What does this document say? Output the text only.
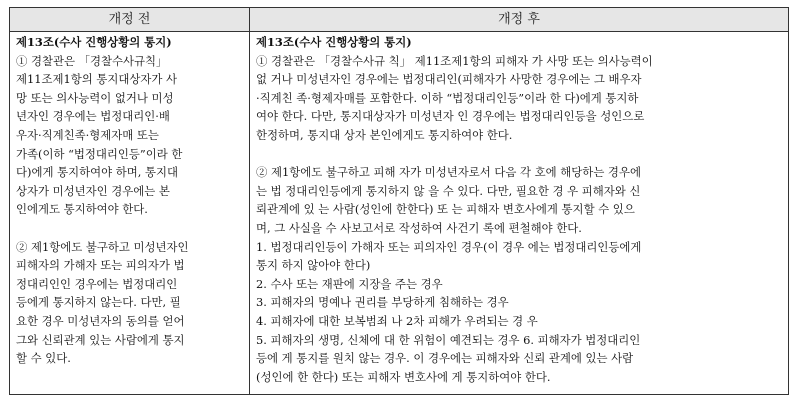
개정 전	개정 후
제13조(수사 진행상황의 통지)
① 경찰관은 「경찰수사규칙」
제11조제1항의 통지대상자가 사
망 또는 의사능력이 없거나 미성
년자인 경우에는 법정대리인·배
우자·직계친족·형제자매 또는
가족(이하 “법정대리인등”이라 한
다)에게 통지하여야 하며, 통지대
상자가 미성년자인 경우에는 본
인에게도 통지하여야 한다.
② 제1항에도 불구하고 미성년자인
피해자의 가해자 또는 피의자가 법
정대리인인 경우에는 법정대리인
등에게 통지하지 않는다. 다만, 필
요한 경우 미성년자의 동의를 얻어
그와 신뢰관계 있는 사람에게 통지
할 수 있다.
제13조(수사 진행상황의 통지)
① 경찰관은 「경찰수사규 칙」 제11조제1항의 피해자 가 사망 또는 의사능력이
없 거나 미성년자인 경우에는 법정대리인(피해자가 사망한 경우에는 그 배우자
·직계친 족·형제자매를 포함한다. 이하 “법정대리인등”이라 한 다)에게 통지하
여야 한다. 다만, 통지대상자가 미성년자 인 경우에는 법정대리인등을 성인으로
한정하며, 통지대 상자 본인에게도 통지하여야 한다.
② 제1항에도 불구하고 피해 자가 미성년자로서 다음 각 호에 해당하는 경우에
는 법 정대리인등에게 통지하지 않 을 수 있다. 다만, 필요한 경 우 피해자와 신
뢰관계에 있 는 사람(성인에 한한다) 또 는 피해자 변호사에게 통지할 수 있으
며, 그 사실을 수 사보고서로 작성하여 사건기 록에 편철해야 한다.
1. 법정대리인등이 가해자 또는 피의자인 경우(이 경우 에는 법정대리인등에게
통지 하지 않아야 한다)
2. 수사 또는 재판에 지장을 주는 경우
3. 피해자의 명예나 권리를 부당하게 침해하는 경우
4. 피해자에 대한 보복범죄 나 2차 피해가 우려되는 경 우
5. 피해자의 생명, 신체에 대 한 위험이 예견되는 경우 6. 피해자가 법정대리인
등에 게 통지를 원치 않는 경우. 이 경우에는 피해자와 신뢰 관계에 있는 사람
(성인에 한 한다) 또는 피해자 변호사에 게 통지하여야 한다.
